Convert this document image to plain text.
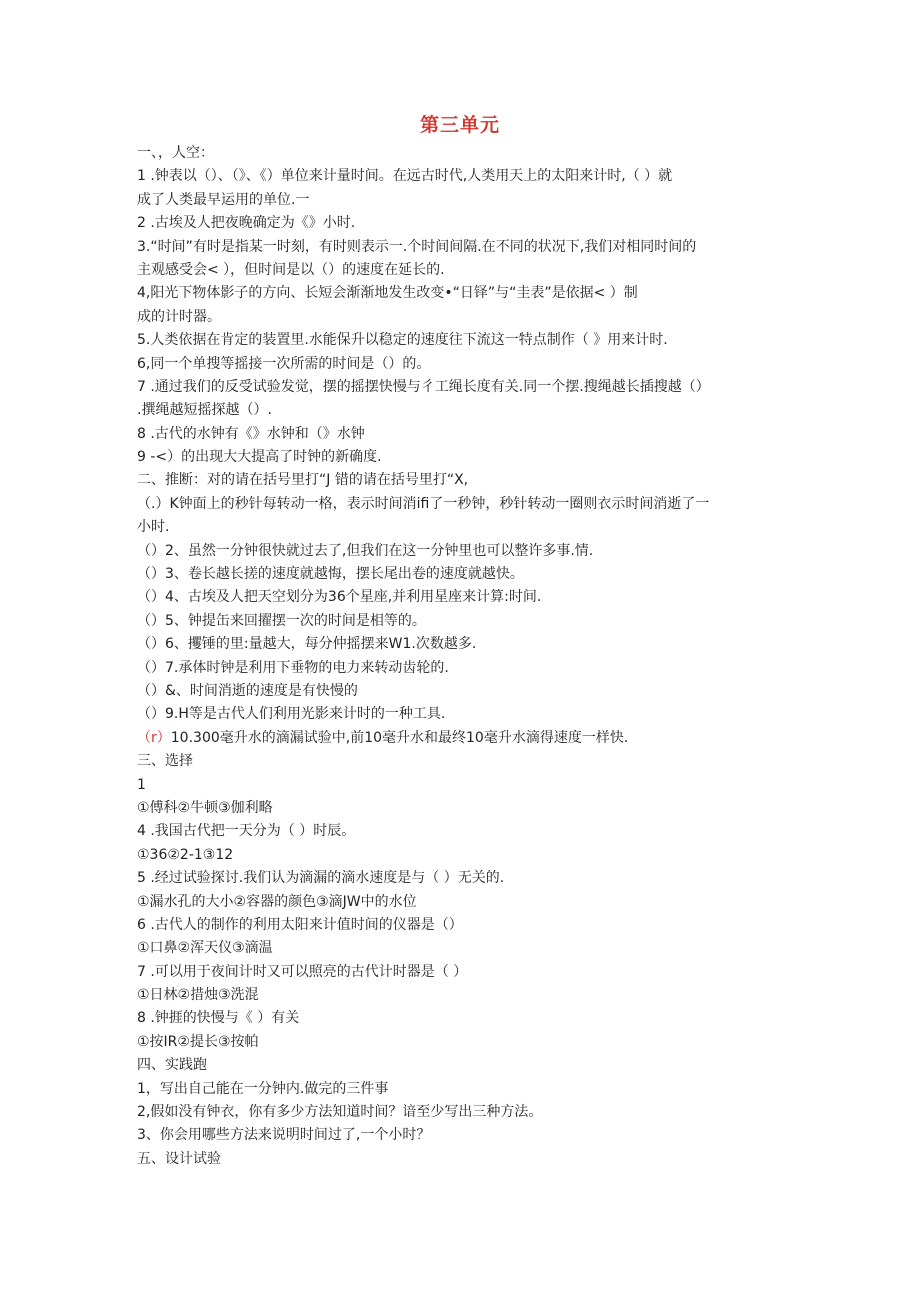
第三单元

一、，人空：

1 .钟表以（）、（》、《）单位来计量时间。在远古时代,人类用天上的太阳来计时,（ ）就

成了人类最早运用的单位.一

2 .古埃及人把夜晚确定为《》小时.

3.“时间”有时是指某一时刻，有时则表示一.个时间间隔.在不同的状况下,我们对相同时间的

主观感受会< ），但时间是以（）的速度在延长的.

4,阳光下物体影子的方向、长短会渐渐地发生改变•“日铎”与“圭表”是依据< ）制

成的计时器。

5.人类依据在肯定的装置里.水能保升以稳定的速度往下流这一特点制作（ 》用来计时.

6,同一个单搜等摇接一次所需的时间是（）的。

7 .通过我们的反受试验发觉，摆的摇摆快慢与彳工绳长度有关.同一个摆.搜绳越长插搜越（）

.撰绳越短摇探越（）.

8 .古代的水钟有《》水钟和（》水钟

9 -<）的出现大大提高了时钟的新确度.

二、推断：对的请在括号里打“J 错的请在括号里打“X,

（.）K钟面上的秒针每转动一格，表示时间消ifi了一秒钟，秒针转动一圈则衣示时间消逝了一

小时.

（）2、虽然一分钟很快就过去了,但我们在这一分钟里也可以整许多事.情.

（）3、卷长越长搓的速度就越悔，摆长尾出卷的速度就越快。

（）4、古埃及人把天空划分为36个星座,并利用星座来计算:时间.

（）5、钟提缶来回擢摆一次的时间是相等的。

（）6、攫锤的里:量越大，每分仲摇摆来W1.次数越多.

（）7.承体时钟是利用下垂物的电力来转动齿轮的.

（）&、时间消逝的速度是有快慢的

（）9.H等是古代人们利用光影来计时的一种工具.

（r）10.300毫升水的滴漏试验中,前10毫升水和最终10毫升水滴得速度一样快.

三、选择

1

①傅科②牛顿③伽利略

4 .我国古代把一天分为（ ）时辰。

①36②2-1③12

5 .经过试验探讨.我们认为滴漏的滴水速度是与（ ）无关的.

①漏水孔的大小②容器的颜色③滴JW中的水位

6 .古代人的制作的利用太阳来计值时间的仪器是（）

①口鼻②浑天仪③滴温

7 .可以用于夜间计时又可以照亮的古代计时器是（ ）

①日林②措烛③洗混

8 .钟捱的快慢与《 ）有关

①按IR②提长③按帕

四、实践跑

1，写出自己能在一分钟内.做完的三件事

2,假如没有钟衣，你有多少方法知道时间？谙至少写出三种方法。

3、你会用哪些方法来说明时间过了,一个小时？

五、设计试验
